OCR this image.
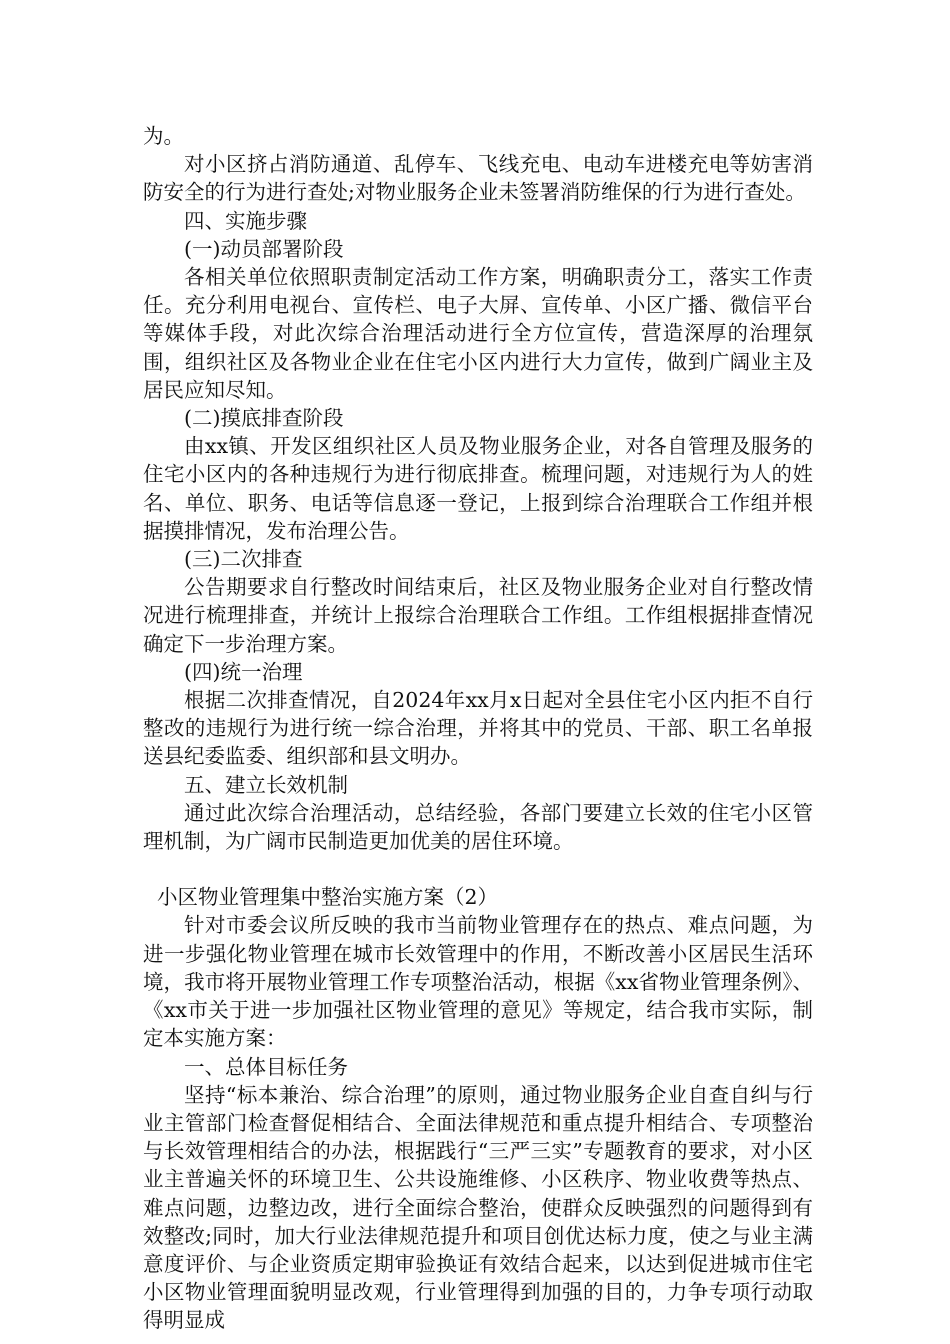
为。

对小区挤占消防通道、乱停车、飞线充电、电动车进楼充电等妨害消防安全的行为进行查处;对物业服务企业未签署消防维保的行为进行查处。

四、实施步骤

(一)动员部署阶段

各相关单位依照职责制定活动工作方案，明确职责分工，落实工作责任。充分利用电视台、宣传栏、电子大屏、宣传单、小区广播、微信平台等媒体手段，对此次综合治理活动进行全方位宣传，营造深厚的治理氛围，组织社区及各物业企业在住宅小区内进行大力宣传，做到广阔业主及居民应知尽知。

(二)摸底排查阶段

由xx镇、开发区组织社区人员及物业服务企业，对各自管理及服务的住宅小区内的各种违规行为进行彻底排查。梳理问题，对违规行为人的姓名、单位、职务、电话等信息逐一登记，上报到综合治理联合工作组并根据摸排情况，发布治理公告。

(三)二次排查

公告期要求自行整改时间结束后，社区及物业服务企业对自行整改情况进行梳理排查，并统计上报综合治理联合工作组。工作组根据排查情况确定下一步治理方案。

(四)统一治理

根据二次排查情况，自2024年xx月x日起对全县住宅小区内拒不自行整改的违规行为进行统一综合治理，并将其中的党员、干部、职工名单报送县纪委监委、组织部和县文明办。

五、建立长效机制

通过此次综合治理活动，总结经验，各部门要建立长效的住宅小区管理机制，为广阔市民制造更加优美的居住环境。

小区物业管理集中整治实施方案（2）

针对市委会议所反映的我市当前物业管理存在的热点、难点问题，为进一步强化物业管理在城市长效管理中的作用，不断改善小区居民生活环境，我市将开展物业管理工作专项整治活动，根据《xx省物业管理条例》、《xx市关于进一步加强社区物业管理的意见》等规定，结合我市实际，制定本实施方案：

一、总体目标任务

坚持“标本兼治、综合治理”的原则，通过物业服务企业自查自纠与行业主管部门检查督促相结合、全面法律规范和重点提升相结合、专项整治与长效管理相结合的办法，根据践行“三严三实”专题教育的要求，对小区业主普遍关怀的环境卫生、公共设施维修、小区秩序、物业收费等热点、难点问题，边整边改，进行全面综合整治，使群众反映强烈的问题得到有效整改;同时，加大行业法律规范提升和项目创优达标力度，使之与业主满意度评价、与企业资质定期审验换证有效结合起来，以达到促进城市住宅小区物业管理面貌明显改观，行业管理得到加强的目的，力争专项行动取得明显成
